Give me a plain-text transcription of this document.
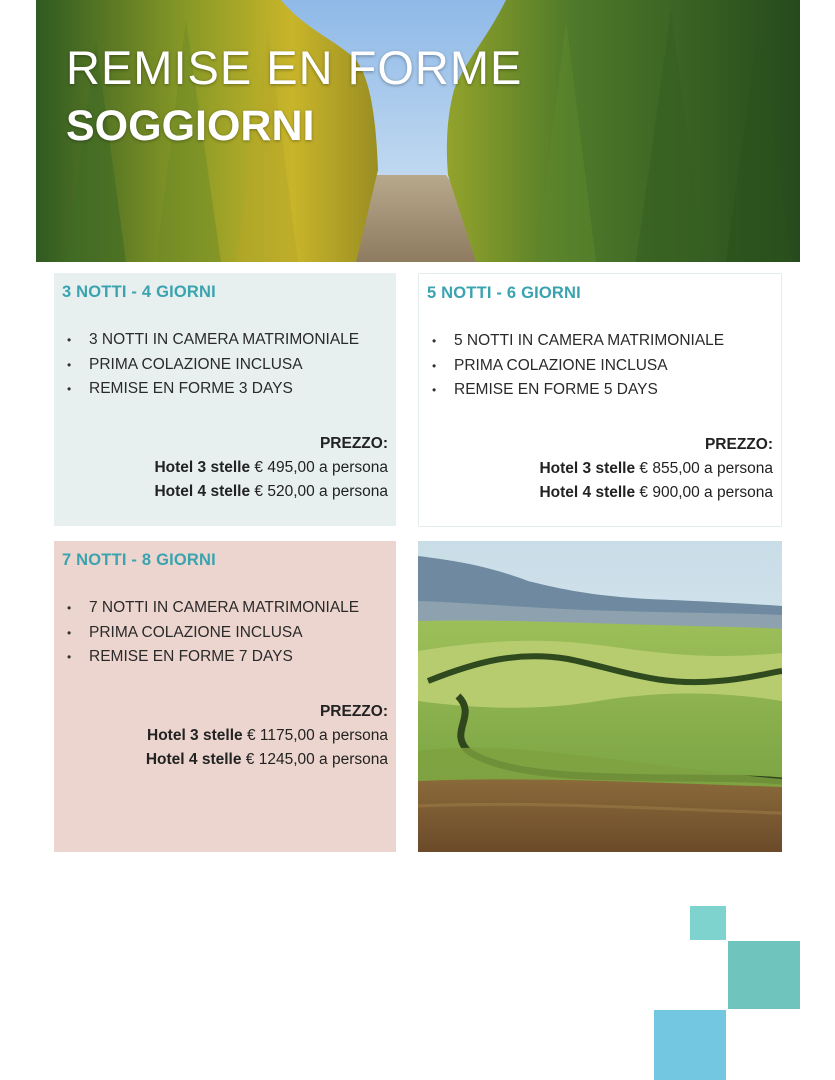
REMISE EN FORME
SOGGIORNI
3 NOTTI - 4 GIORNI
• 3 NOTTI IN CAMERA MATRIMONIALE
• PRIMA COLAZIONE INCLUSA
• REMISE EN FORME 3 DAYS
PREZZO:
Hotel 3 stelle € 495,00 a persona
Hotel 4 stelle € 520,00 a persona
5 NOTTI - 6 GIORNI
• 5 NOTTI IN CAMERA MATRIMONIALE
• PRIMA COLAZIONE INCLUSA
• REMISE EN FORME 5 DAYS
PREZZO:
Hotel 3 stelle € 855,00 a persona
Hotel 4 stelle € 900,00 a persona
7 NOTTI - 8 GIORNI
• 7 NOTTI IN CAMERA MATRIMONIALE
• PRIMA COLAZIONE INCLUSA
• REMISE EN FORME 7 DAYS
PREZZO:
Hotel 3 stelle € 1175,00 a persona
Hotel 4 stelle € 1245,00 a persona
